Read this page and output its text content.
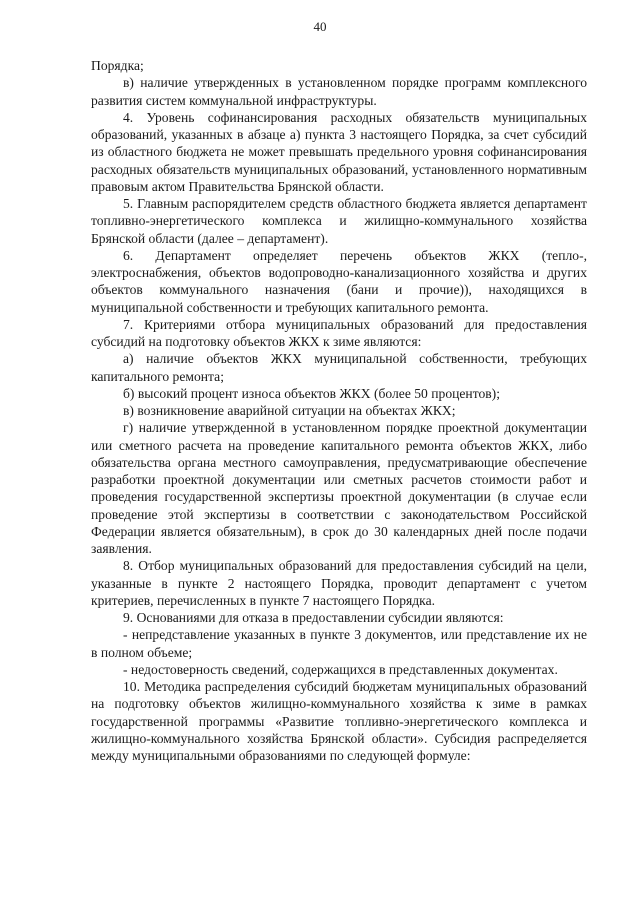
40

Порядка;

в) наличие утвержденных в установленном порядке программ комплексного развития систем коммунальной инфраструктуры.

4. Уровень софинансирования расходных обязательств муниципальных образований, указанных в абзаце а) пункта 3 настоящего Порядка, за счет субсидий из областного бюджета не может превышать предельного уровня софинансирования расходных обязательств муниципальных образований, установленного нормативным правовым актом Правительства Брянской области.

5. Главным распорядителем средств областного бюджета является департамент топливно-энергетического комплекса и жилищно-коммунального хозяйства Брянской области (далее – департамент).

6. Департамент определяет перечень объектов ЖКХ (тепло-, электроснабжения, объектов водопроводно-канализационного хозяйства и других объектов коммунального назначения (бани и прочие)), находящихся в муниципальной собственности и требующих капитального ремонта.

7. Критериями отбора муниципальных образований для предоставления субсидий на подготовку объектов ЖКХ к зиме являются:

а) наличие объектов ЖКХ муниципальной собственности, требующих капитального ремонта;

б) высокий процент износа объектов ЖКХ (более 50 процентов);

в) возникновение аварийной ситуации на объектах ЖКХ;

г) наличие утвержденной в установленном порядке проектной документации или сметного расчета на проведение капитального ремонта объектов ЖКХ, либо обязательства органа местного самоуправления, предусматривающие обеспечение разработки проектной документации или сметных расчетов стоимости работ и проведения государственной экспертизы проектной документации (в случае если проведение этой экспертизы в соответствии с законодательством Российской Федерации является обязательным), в срок до 30 календарных дней после подачи заявления.

8. Отбор муниципальных образований для предоставления субсидий на цели, указанные в пункте 2 настоящего Порядка, проводит департамент с учетом критериев, перечисленных в пункте 7 настоящего Порядка.

9. Основаниями для отказа в предоставлении субсидии являются:

- непредставление указанных в пункте 3 документов, или представление их не в полном объеме;

- недостоверность сведений, содержащихся в представленных документах.

10. Методика распределения субсидий бюджетам муниципальных образований на подготовку объектов жилищно-коммунального хозяйства к зиме в рамках государственной программы «Развитие топливно-энергетического комплекса и жилищно-коммунального хозяйства Брянской области». Субсидия распределяется между муниципальными образованиями по следующей формуле:
